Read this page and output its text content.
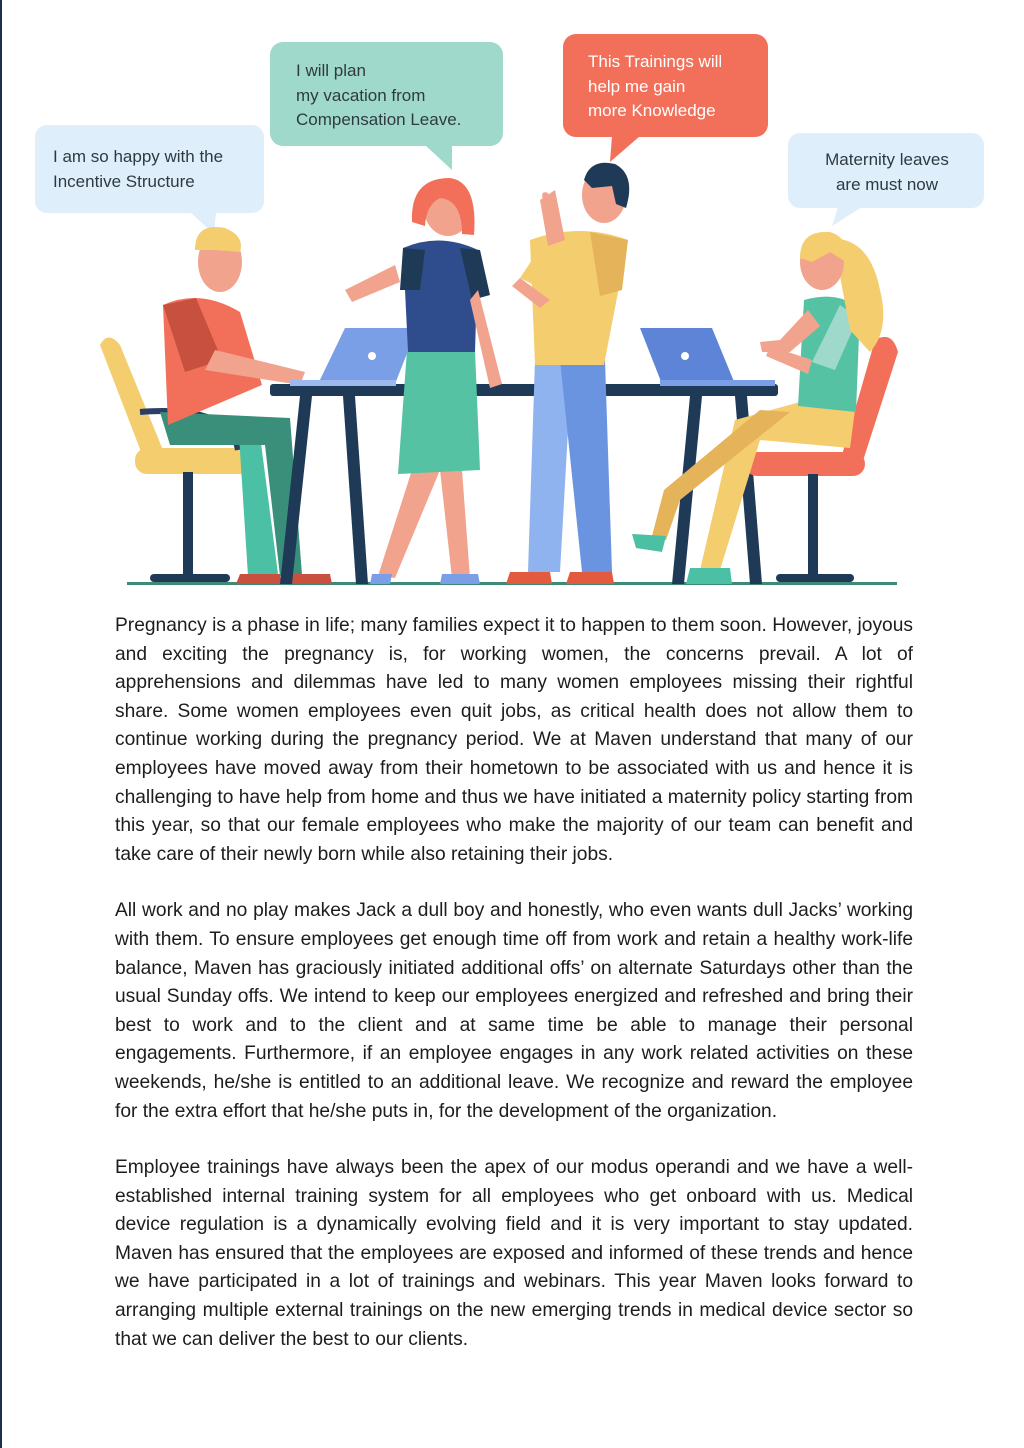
I am so happy with the
Incentive Structure
I will plan
my vacation from
Compensation Leave.
This Trainings will
help me gain
more Knowledge
Maternity leaves
are must now

Pregnancy is a phase in life; many families expect it to happen to them soon. However, joyous and exciting the pregnancy is, for working women, the concerns prevail. A lot of apprehensions and dilemmas have led to many women employees missing their rightful share. Some women employees even quit jobs, as critical health does not allow them to continue working during the pregnancy period. We at Maven understand that many of our employees have moved away from their hometown to be associated with us and hence it is challenging to have help from home and thus we have initiated a maternity policy starting from this year, so that our female employees who make the majority of our team can benefit and take care of their newly born while also retaining their jobs.

All work and no play makes Jack a dull boy and honestly, who even wants dull Jacks’ working with them. To ensure employees get enough time off from work and retain a healthy work-life balance, Maven has graciously initiated additional offs’ on alternate Saturdays other than the usual Sunday offs. We intend to keep our employees energized and refreshed and bring their best to work and to the client and at same time be able to manage their personal engagements. Furthermore, if an employee engages in any work related activities on these weekends, he/she is entitled to an additional leave. We recognize and reward the employee for the extra effort that he/she puts in, for the development of the organization.

Employee trainings have always been the apex of our modus operandi and we have a well-established internal training system for all employees who get onboard with us. Medical device regulation is a dynamically evolving field and it is very important to stay updated. Maven has ensured that the employees are exposed and informed of these trends and hence we have participated in a lot of trainings and webinars. This year Maven looks forward to arranging multiple external trainings on the new emerging trends in medical device sector so that we can deliver the best to our clients.
